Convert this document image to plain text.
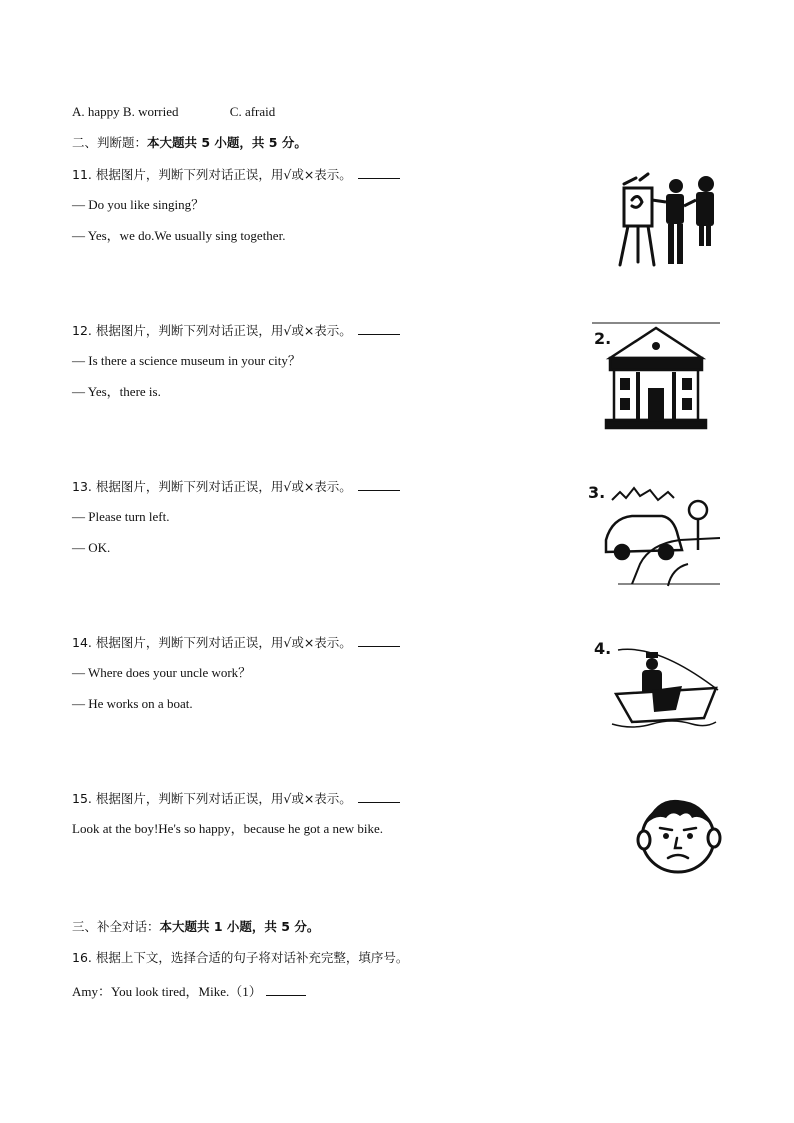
A. happy B. worried	C. afraid
二、判断题：本大题共 5 小题，共 5 分。
11. 根据图片，判断下列对话正误，用√或×表示。
— Do you like singing？
— Yes，we do.We usually sing together.
12. 根据图片，判断下列对话正误，用√或×表示。
— Is there a science museum in your city？
— Yes，there is.
13. 根据图片，判断下列对话正误，用√或×表示。
— Please turn left.
— OK.
14. 根据图片，判断下列对话正误，用√或×表示。
— Where does your uncle work？
— He works on a boat.
15. 根据图片，判断下列对话正误，用√或×表示。
Look at the boy!He's so happy，because he got a new bike.
三、补全对话：本大题共 1 小题，共 5 分。
16. 根据上下文，选择合适的句子将对话补充完整，填序号。
Amy：You look tired，Mike.（1）
2.
3.
4.
